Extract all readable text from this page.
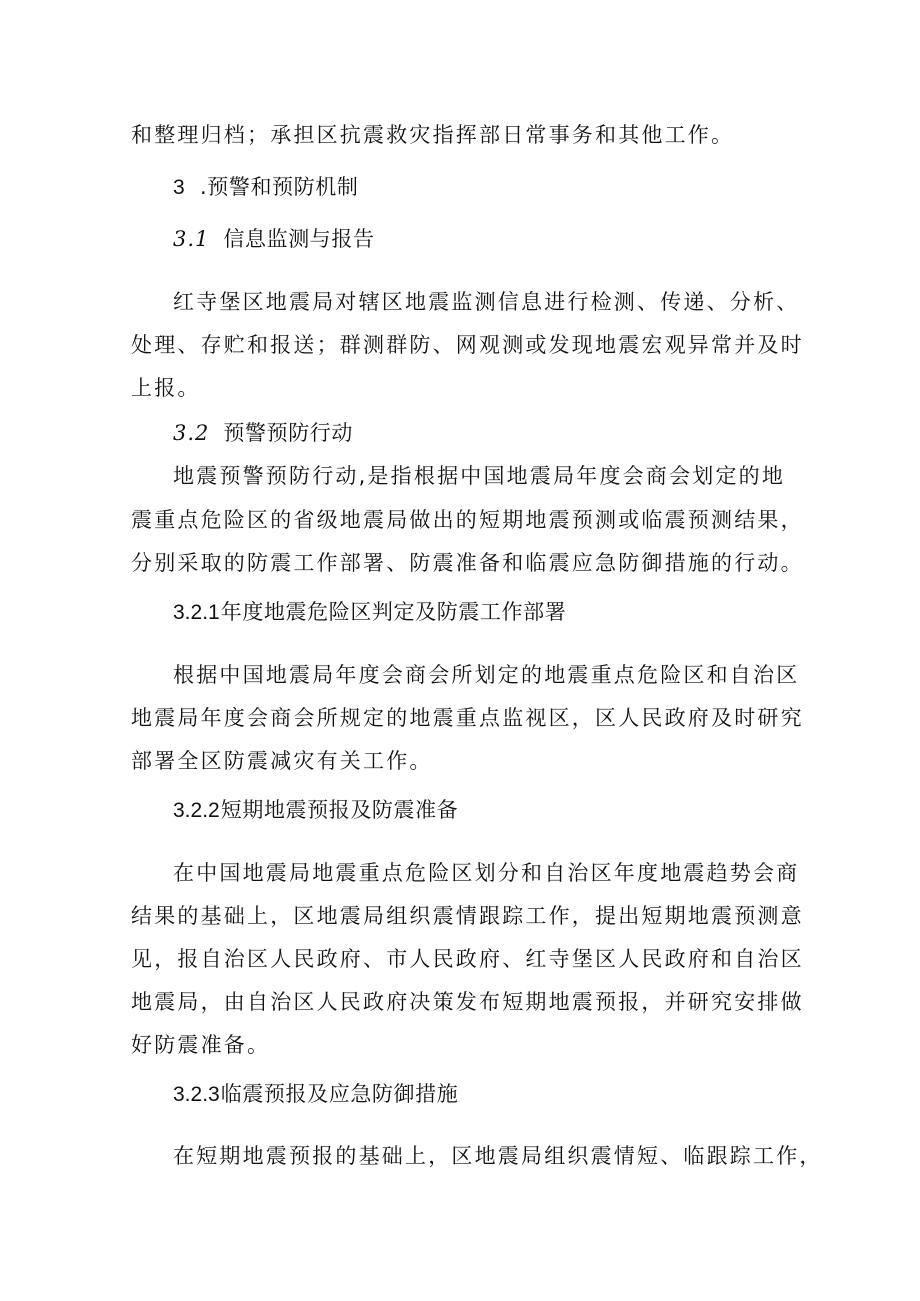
和整理归档；承担区抗震救灾指挥部日常事务和其他工作。
3 .预警和预防机制
3.1 信息监测与报告
红寺堡区地震局对辖区地震监测信息进行检测、传递、分析、
处理、存贮和报送；群测群防、网观测或发现地震宏观异常并及时
上报。
3.2 预警预防行动
地震预警预防行动,是指根据中国地震局年度会商会划定的地
震重点危险区的省级地震局做出的短期地震预测或临震预测结果，
分别采取的防震工作部署、防震准备和临震应急防御措施的行动。
3.2.1年度地震危险区判定及防震工作部署
根据中国地震局年度会商会所划定的地震重点危险区和自治区
地震局年度会商会所规定的地震重点监视区，区人民政府及时研究
部署全区防震减灾有关工作。
3.2.2短期地震预报及防震准备
在中国地震局地震重点危险区划分和自治区年度地震趋势会商
结果的基础上，区地震局组织震情跟踪工作，提出短期地震预测意
见，报自治区人民政府、市人民政府、红寺堡区人民政府和自治区
地震局，由自治区人民政府决策发布短期地震预报，并研究安排做
好防震准备。
3.2.3临震预报及应急防御措施
在短期地震预报的基础上，区地震局组织震情短、临跟踪工作，
